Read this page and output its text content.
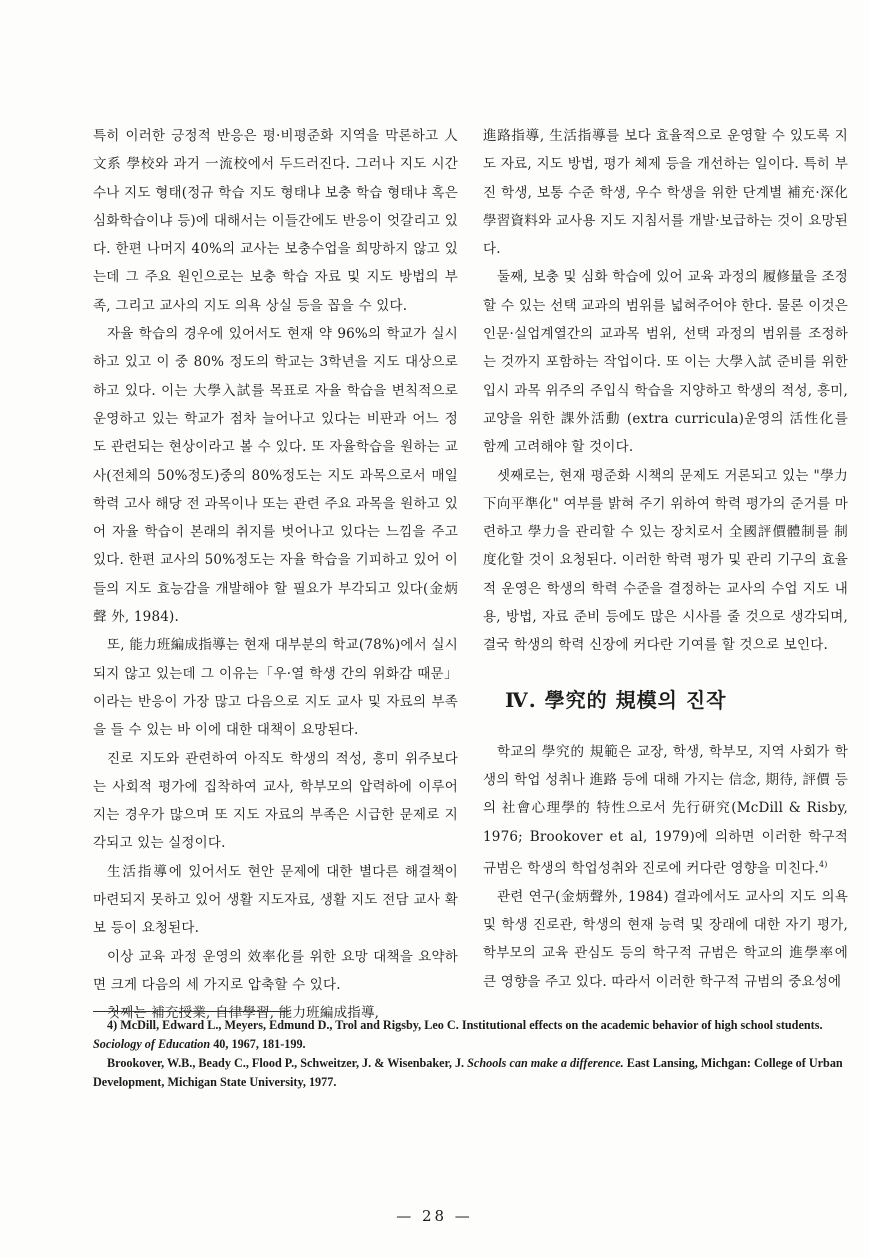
특히 이러한 긍정적 반응은 평·비평준화 지역을 막론하고 人文系 學校와 과거 一流校에서 두드러진다. 그러나 지도 시간수나 지도 형태(정규 학습 지도 형태냐 보충 학습 형태냐 혹은 심화학습이냐 등)에 대해서는 이들간에도 반응이 엇갈리고 있다. 한편 나머지 40%의 교사는 보충수업을 희망하지 않고 있는데 그 주요 원인으로는 보충 학습 자료 및 지도 방법의 부족, 그리고 교사의 지도 의욕 상실 등을 꼽을 수 있다.

자율 학습의 경우에 있어서도 현재 약 96%의 학교가 실시하고 있고 이 중 80% 정도의 학교는 3학년을 지도 대상으로 하고 있다. 이는 大學入試를 목표로 자율 학습을 변칙적으로 운영하고 있는 학교가 점차 늘어나고 있다는 비판과 어느 정도 관련되는 현상이라고 볼 수 있다. 또 자율학습을 원하는 교사(전체의 50%정도)중의 80%정도는 지도 과목으로서 매일 학력 고사 해당 전 과목이나 또는 관련 주요 과목을 원하고 있어 자율 학습이 본래의 취지를 벗어나고 있다는 느낌을 주고 있다. 한편 교사의 50%정도는 자율 학습을 기피하고 있어 이들의 지도 효능감을 개발해야 할 필요가 부각되고 있다(金炳聲 外, 1984).

또, 能力班編成指導는 현재 대부분의 학교(78%)에서 실시되지 않고 있는데 그 이유는「우·열 학생 간의 위화감 때문」이라는 반응이 가장 많고 다음으로 지도 교사 및 자료의 부족을 들 수 있는 바 이에 대한 대책이 요망된다.

진로 지도와 관련하여 아직도 학생의 적성, 흥미 위주보다는 사회적 평가에 집착하여 교사, 학부모의 압력하에 이루어지는 경우가 많으며 또 지도 자료의 부족은 시급한 문제로 지각되고 있는 실정이다.

生活指導에 있어서도 현안 문제에 대한 별다른 해결책이 마련되지 못하고 있어 생활 지도자료, 생활 지도 전담 교사 확보 등이 요청된다.

이상 교육 과정 운영의 效率化를 위한 요망 대책을 요약하면 크게 다음의 세 가지로 압축할 수 있다.

첫째는 補充授業, 自律學習, 能力班編成指導,

進路指導, 生活指導를 보다 효율적으로 운영할 수 있도록 지도 자료, 지도 방법, 평가 체제 등을 개선하는 일이다. 특히 부진 학생, 보통 수준 학생, 우수 학생을 위한 단계별 補充·深化學習資料와 교사용 지도 지침서를 개발·보급하는 것이 요망된다.

둘째, 보충 및 심화 학습에 있어 교육 과정의 履修量을 조정할 수 있는 선택 교과의 범위를 넓혀주어야 한다. 물론 이것은 인문·실업계열간의 교과목 범위, 선택 과정의 범위를 조정하는 것까지 포함하는 작업이다. 또 이는 大學入試 준비를 위한 입시 과목 위주의 주입식 학습을 지양하고 학생의 적성, 흥미, 교양을 위한 課外活動 (extra curricula)운영의 活性化를 함께 고려해야 할 것이다.

셋째로는, 현재 평준화 시책의 문제도 거론되고 있는 "學力 下向平準化" 여부를 밝혀 주기 위하여 학력 평가의 준거를 마련하고 學力을 관리할 수 있는 장치로서 全國評價體制를 制度化할 것이 요청된다. 이러한 학력 평가 및 관리 기구의 효율적 운영은 학생의 학력 수준을 결정하는 교사의 수업 지도 내용, 방법, 자료 준비 등에도 많은 시사를 줄 것으로 생각되며, 결국 학생의 학력 신장에 커다란 기여를 할 것으로 보인다.

Ⅳ. 學究的 規模의 진작

학교의 學究的 規範은 교장, 학생, 학부모, 지역 사회가 학생의 학업 성취나 進路 등에 대해 가지는 信念, 期待, 評價 등의 社會心理學的 特性으로서 先行研究(McDill & Risby, 1976; Brookover et al, 1979)에 의하면 이러한 학구적 규범은 학생의 학업성취와 진로에 커다란 영향을 미친다.$^{4)}$

관련 연구(金炳聲外, 1984) 결과에서도 교사의 지도 의욕 및 학생 진로관, 학생의 현재 능력 및 장래에 대한 자기 평가, 학부모의 교육 관심도 등의 학구적 규범은 학교의 進學率에 큰 영향을 주고 있다. 따라서 이러한 학구적 규범의 중요성에

4) McDill, Edward L., Meyers, Edmund D., Trol and Rigsby, Leo C. Institutional effects on the academic behavior of high school students. Sociology of Education 40, 1967, 181-199.

Brookover, W.B., Beady C., Flood P., Schweitzer, J. & Wisenbaker, J. Schools can make a difference. East Lansing, Michgan: College of Urban Development, Michigan State University, 1977.

— 28 —
